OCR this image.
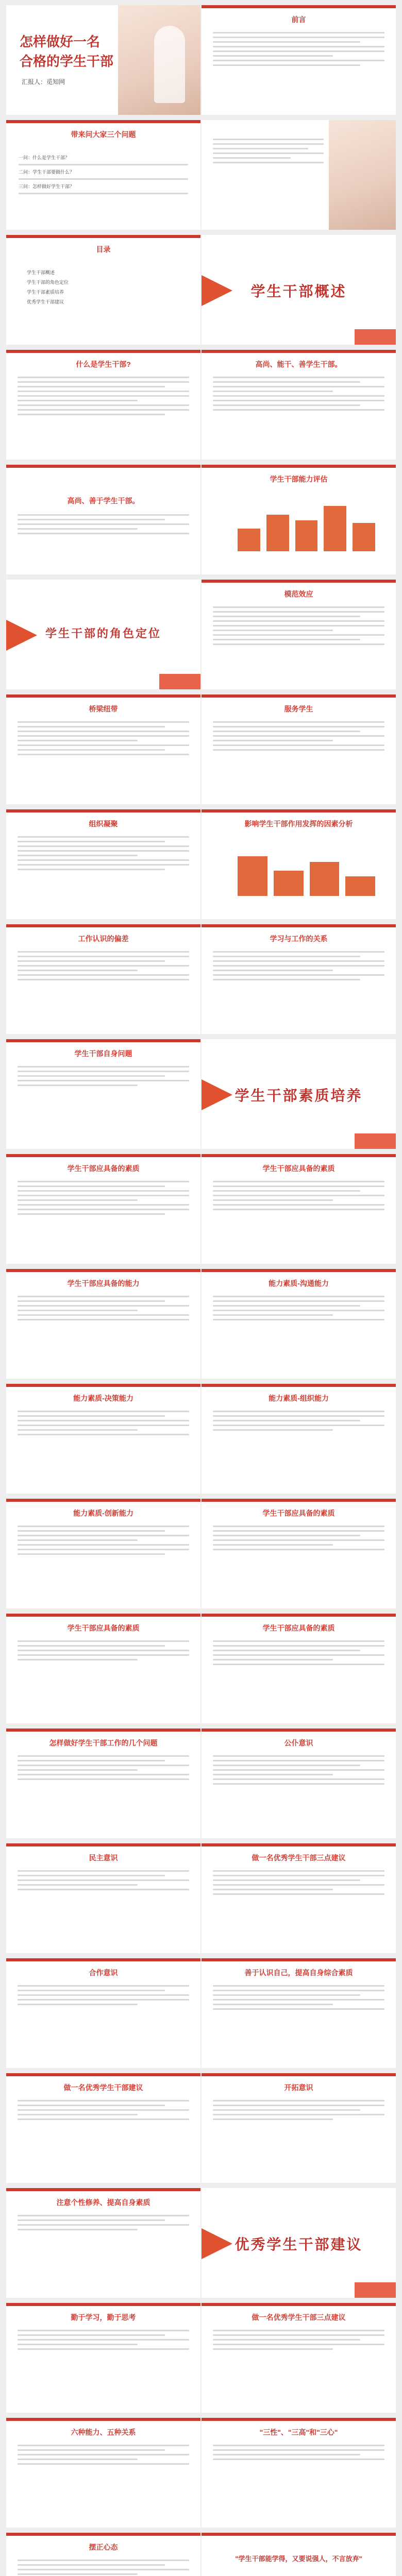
怎样做好一名
合格的学生干部
汇报人：觅知网
前言
带来问大家三个问题
一问：什么是学生干部？
二问：学生干部要做什么？
三问：怎样做好学生干部？
目录
学生干部概述
学生干部的角色定位
学生干部素质培养
优秀学生干部建议
学生干部概述
什么是学生干部?	高尚、能干、善学生干部。
高尚、善于学生干部。
学生干部能力评估
学生干部的角色定位
模范效应
桥梁纽带	服务学生
组织凝聚	影响学生干部作用发挥的因素分析
工作认识的偏差	学习与工作的关系
学生干部自身问题
学生干部素质培养
学生干部应具备的素质	学生干部应具备的素质
学生干部应具备的能力	能力素质-沟通能力
能力素质-决策能力	能力素质-组织能力
能力素质-创新能力	学生干部应具备的素质
学生干部应具备的素质	学生干部应具备的素质
怎样做好学生干部工作的几个问题	公仆意识
民主意识	做一名优秀学生干部三点建议
合作意识	善于认识自己，提高自身综合素质
做一名优秀学生干部建议	开拓意识
注意个性修养、提高自身素质
优秀学生干部建议
勤于学习，勤于思考	做一名优秀学生干部三点建议
六种能力、五种关系	"三性"、"三高"和"三心"
摆正心态
"学生干部能学得，又要说强人，不言放弃"
